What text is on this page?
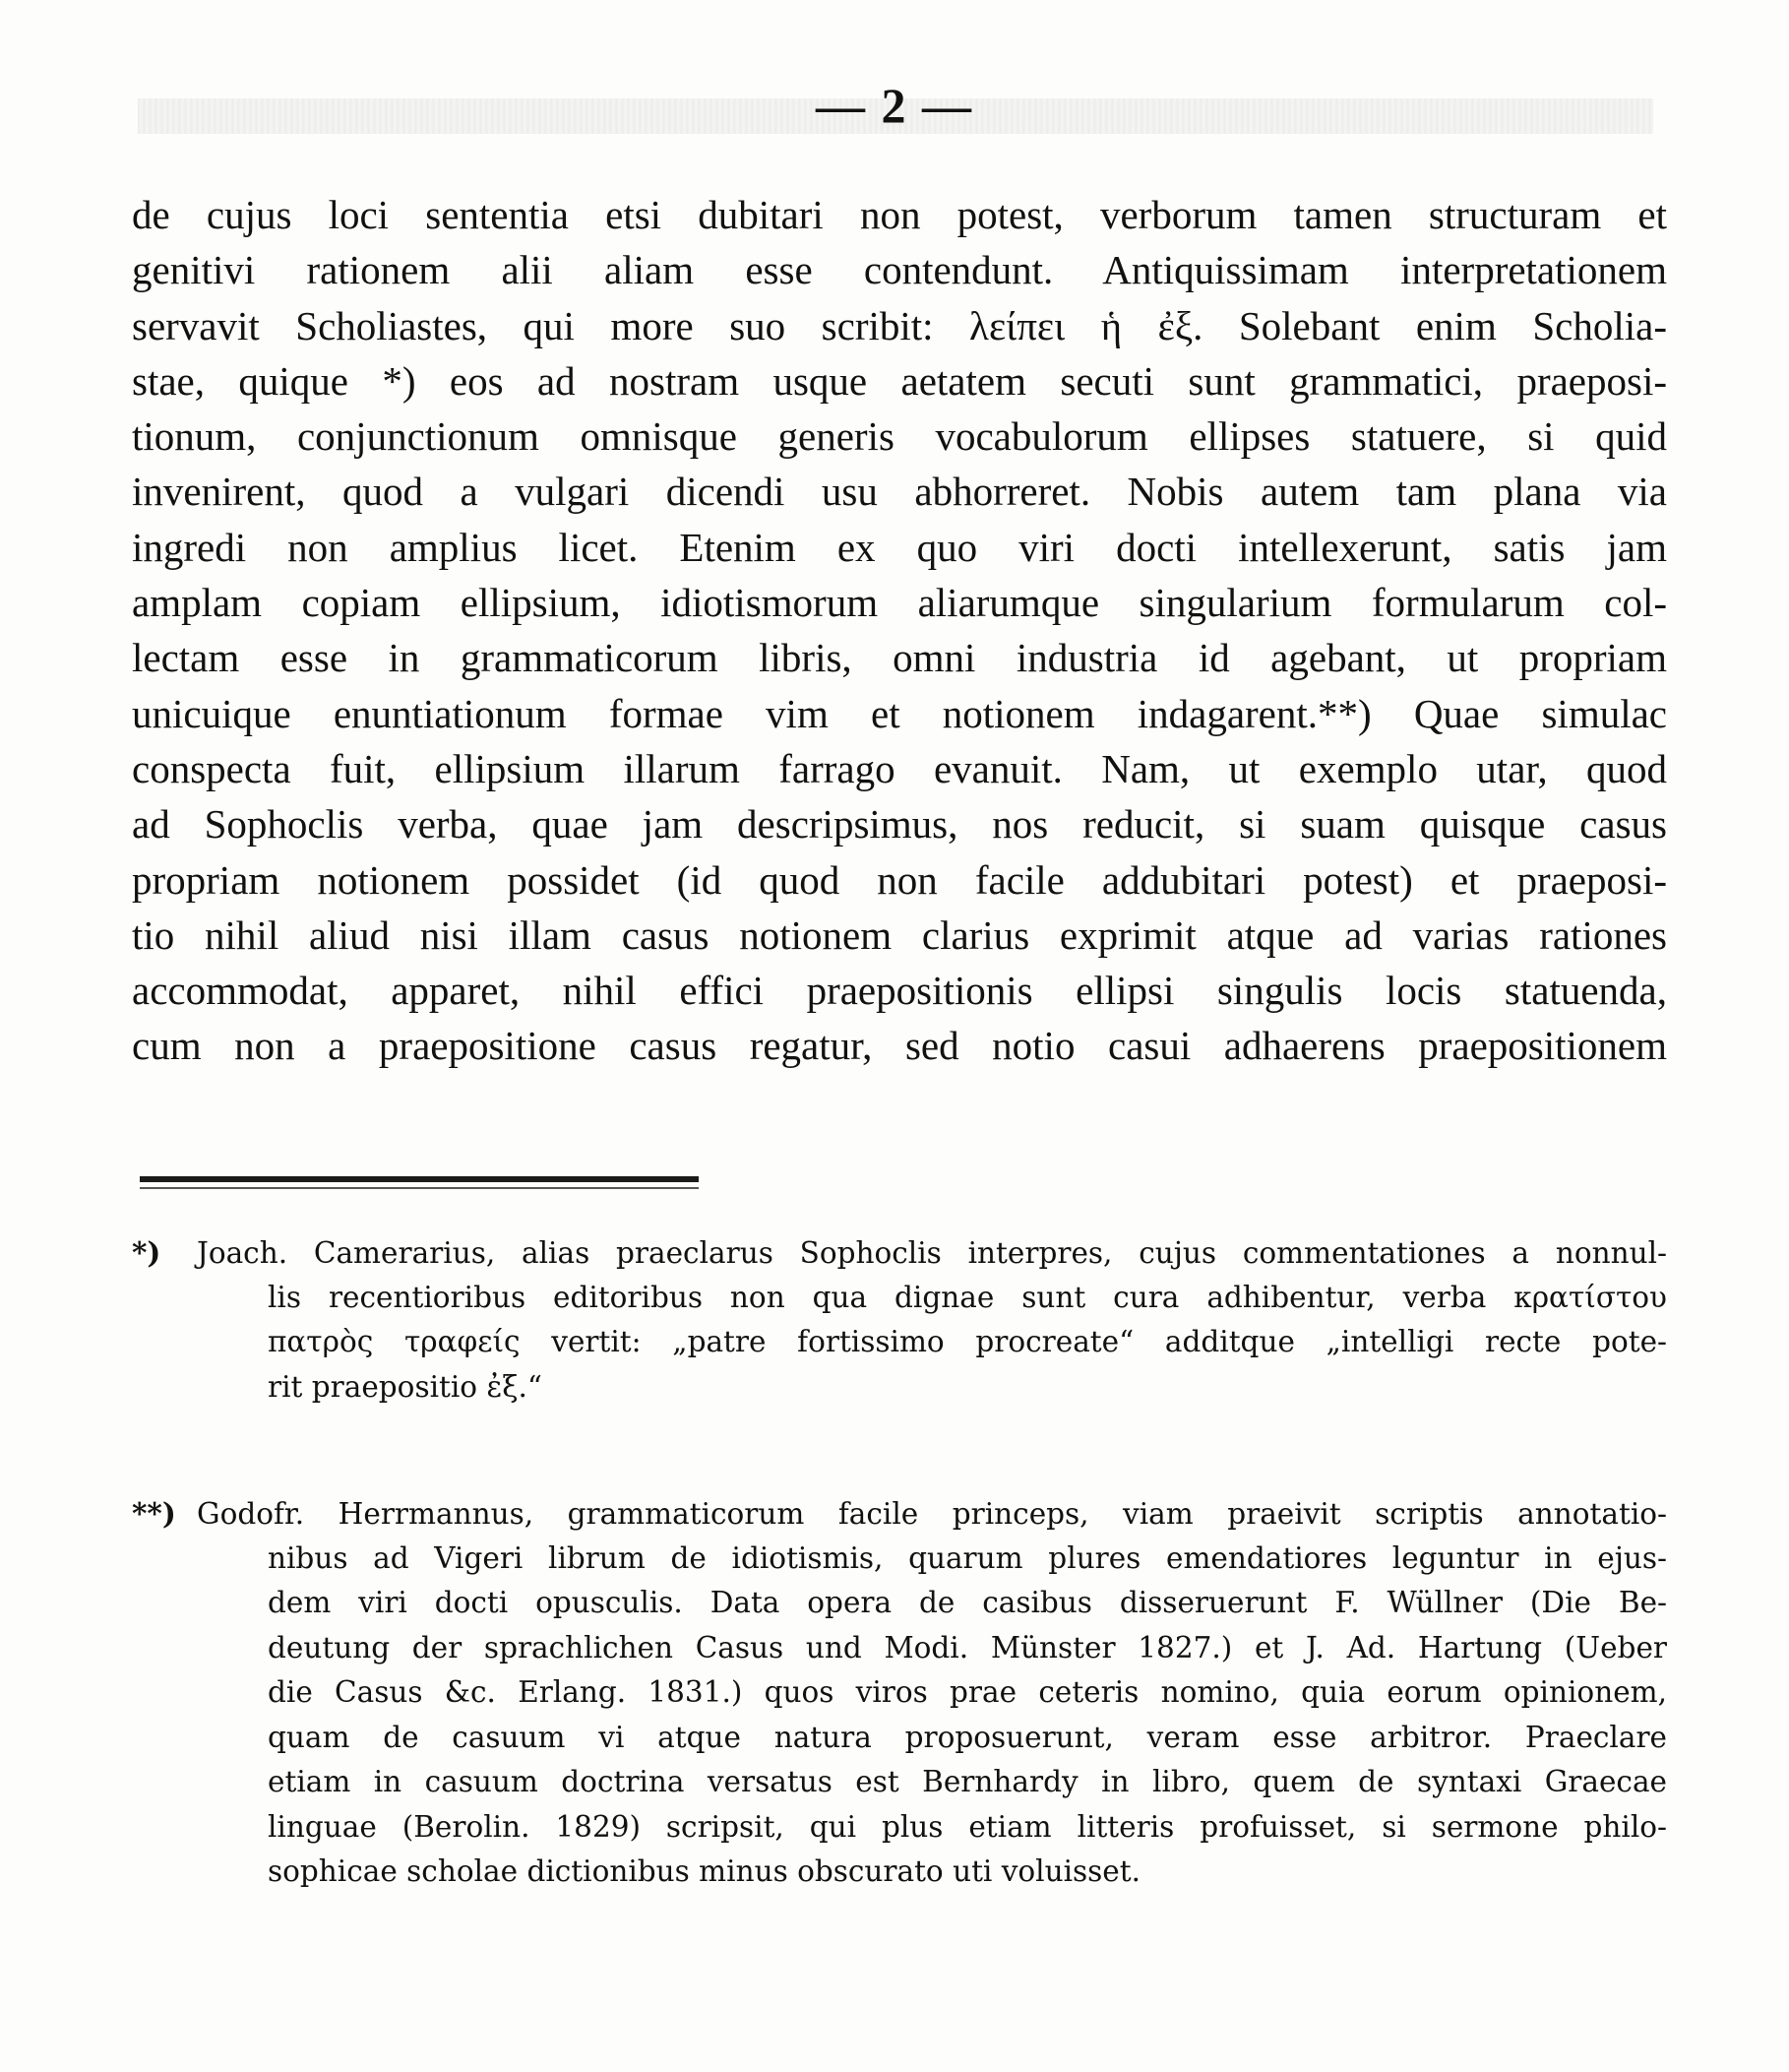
— 2 —
de cujus loci sententia etsi dubitari non potest, verborum tamen structuram et
genitivi rationem alii aliam esse contendunt. Antiquissimam interpretationem
servavit Scholiastes, qui more suo scribit: λείπει ἡ ἐξ. Solebant enim Scholia-
stae, quique *) eos ad nostram usque aetatem secuti sunt grammatici, praeposi-
tionum, conjunctionum omnisque generis vocabulorum ellipses statuere, si quid
invenirent, quod a vulgari dicendi usu abhorreret. Nobis autem tam plana via
ingredi non amplius licet. Etenim ex quo viri docti intellexerunt, satis jam
amplam copiam ellipsium, idiotismorum aliarumque singularium formularum col-
lectam esse in grammaticorum libris, omni industria id agebant, ut propriam
unicuique enuntiationum formae vim et notionem indagarent.**) Quae simulac
conspecta fuit, ellipsium illarum farrago evanuit. Nam, ut exemplo utar, quod
ad Sophoclis verba, quae jam descripsimus, nos reducit, si suam quisque casus
propriam notionem possidet (id quod non facile addubitari potest) et praeposi-
tio nihil aliud nisi illam casus notionem clarius exprimit atque ad varias rationes
accommodat, apparet, nihil effici praepositionis ellipsi singulis locis statuenda,
cum non a praepositione casus regatur, sed notio casui adhaerens praepositionem
*) Joach. Camerarius, alias praeclarus Sophoclis interpres, cujus commentationes a nonnul-
lis recentioribus editoribus non qua dignae sunt cura adhibentur, verba κρατίστου
πατρὸς τραφείς vertit: „patre fortissimo procreate“ additque „intelligi recte pote-
rit praepositio ἐξ.“
**) Godofr. Herrmannus, grammaticorum facile princeps, viam praeivit scriptis annotatio-
nibus ad Vigeri librum de idiotismis, quarum plures emendatiores leguntur in ejus-
dem viri docti opusculis. Data opera de casibus disseruerunt F. Wüllner (Die Be-
deutung der sprachlichen Casus und Modi. Münster 1827.) et J. Ad. Hartung (Ueber
die Casus &c. Erlang. 1831.) quos viros prae ceteris nomino, quia eorum opinionem,
quam de casuum vi atque natura proposuerunt, veram esse arbitror. Praeclare
etiam in casuum doctrina versatus est Bernhardy in libro, quem de syntaxi Graecae
linguae (Berolin. 1829) scripsit, qui plus etiam litteris profuisset, si sermone philo-
sophicae scholae dictionibus minus obscurato uti voluisset.
